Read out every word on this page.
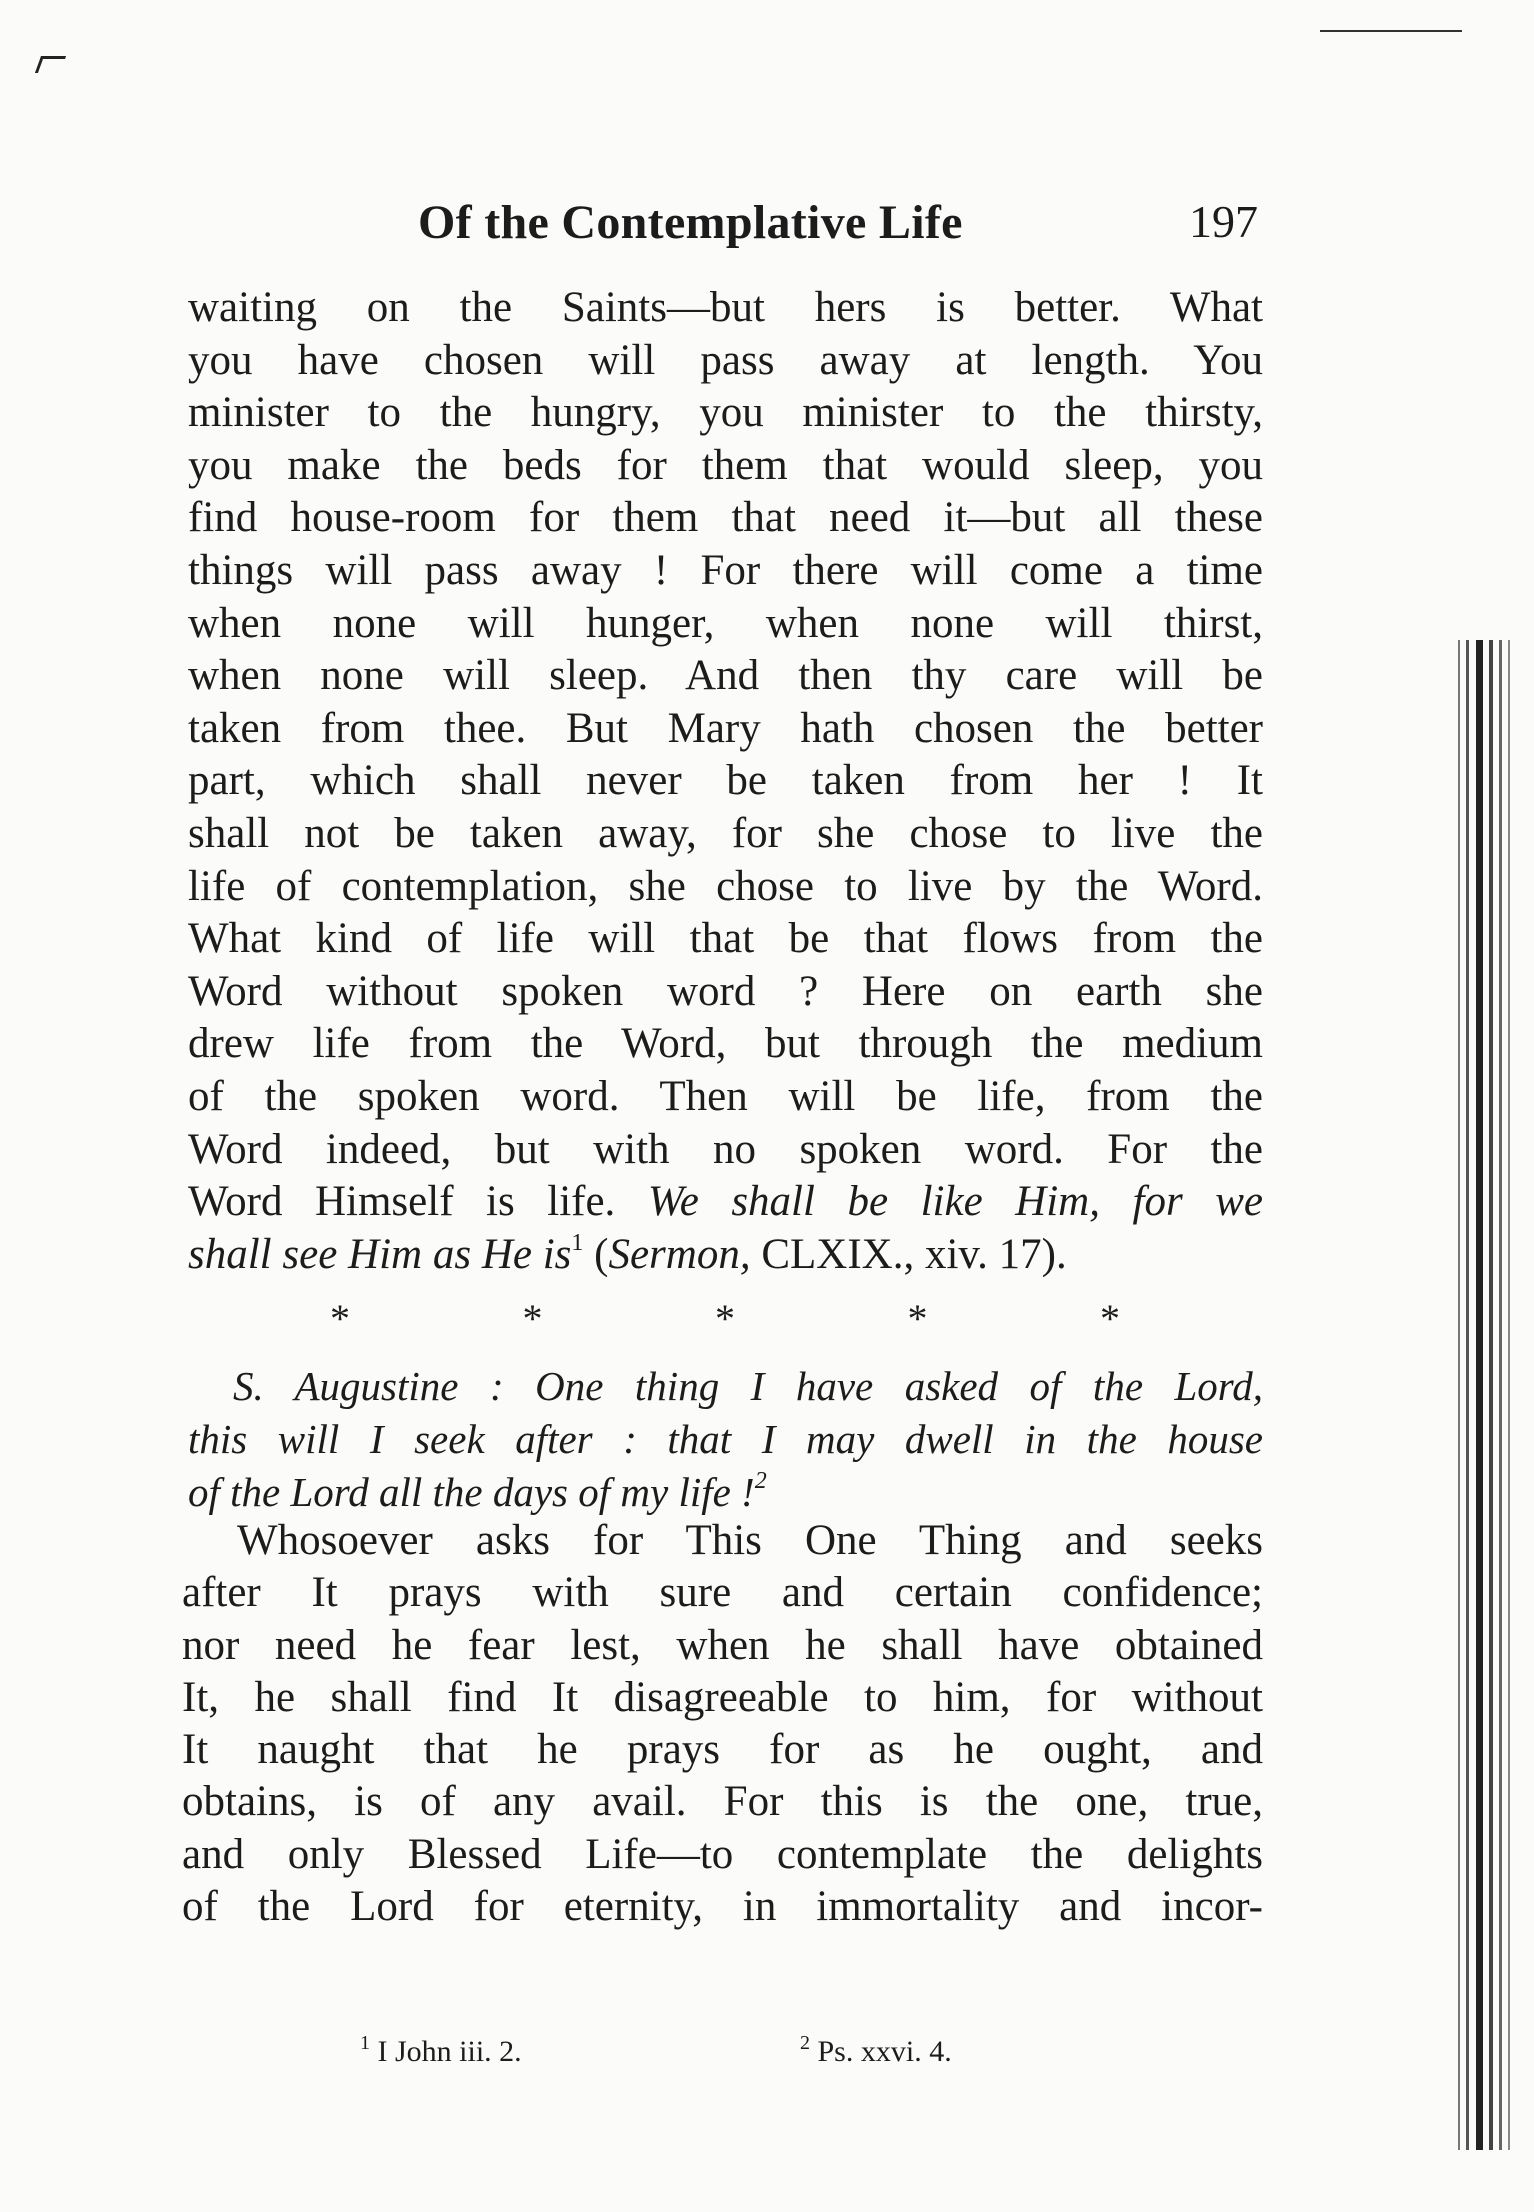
Of the Contemplative Life	197
waiting on the Saints—but hers is better. What
you have chosen will pass away at length. You
minister to the hungry, you minister to the thirsty,
you make the beds for them that would sleep, you
find house-room for them that need it—but all these
things will pass away ! For there will come a time
when none will hunger, when none will thirst,
when none will sleep. And then thy care will be
taken from thee. But Mary hath chosen the better
part, which shall never be taken from her ! It
shall not be taken away, for she chose to live the
life of contemplation, she chose to live by the Word.
What kind of life will that be that flows from the
Word without spoken word ? Here on earth she
drew life from the Word, but through the medium
of the spoken word. Then will be life, from the
Word indeed, but with no spoken word. For the
Word Himself is life. We shall be like Him, for we
shall see Him as He $is^1$ (Sermon, CLXIX., xiv. 17).
*	*	*	*	*
S. Augustine : One thing I have asked of the Lord,
this will I seek after : that I may dwell in the house
of the Lord all the days of my life !$^2$
Whosoever asks for This One Thing and seeks
after It prays with sure and certain confidence;
nor need he fear lest, when he shall have obtained
It, he shall find It disagreeable to him, for without
It naught that he prays for as he ought, and
obtains, is of any avail. For this is the one, true,
and only Blessed Life—to contemplate the delights
of the Lord for eternity, in immortality and incor-
$^1$ I John iii. 2.	$^2$ Ps. xxvi. 4.
